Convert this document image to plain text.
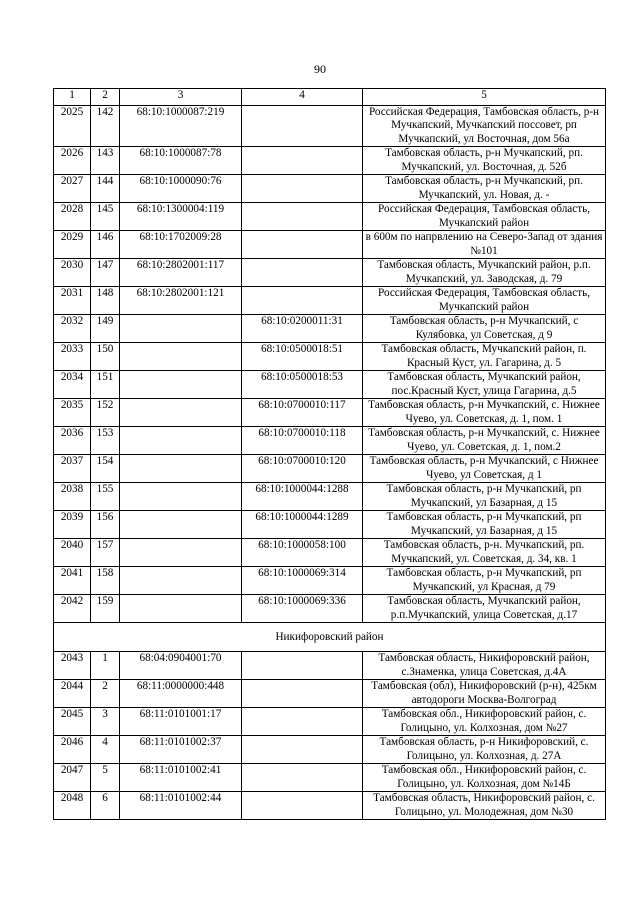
90
1	2	3	4	5
2025	142	68:10:1000087:219		Российская Федерация, Тамбовская область, р-н Мучкапский, Мучкапский поссовет, рп Мучкапский, ул Восточная, дом 56а
2026	143	68:10:1000087:78		Тамбовская область, р-н Мучкапский, рп. Мучкапский, ул. Восточная, д. 52б
2027	144	68:10:1000090:76		Тамбовская область, р-н Мучкапский, рп. Мучкапский, ул. Новая, д. -
2028	145	68:10:1300004:119		Российская Федерация, Тамбовская область, Мучкапский район
2029	146	68:10:1702009:28		в 600м по напрвлению на Северо-Запад от здания №101
2030	147	68:10:2802001:117		Тамбовская область, Мучкапский район, р.п. Мучкапский, ул. Заводская, д. 79
2031	148	68:10:2802001:121		Российская Федерация, Тамбовская область, Мучкапский район
2032	149		68:10:0200011:31	Тамбовская область, р-н Мучкапский, с Кулябовка, ул Советская, д 9
2033	150		68:10:0500018:51	Тамбовская область, Мучкапский район, п. Красный Куст, ул. Гагарина, д. 5
2034	151		68:10:0500018:53	Тамбовская область, Мучкапский район, пос.Красный Куст, улица Гагарина, д.5
2035	152		68:10:0700010:117	Тамбовская область, р-н Мучкапский, с. Нижнее Чуево, ул. Советская, д. 1, пом. 1
2036	153		68:10:0700010:118	Тамбовская область, р-н Мучкапский, с. Нижнее Чуево, ул. Советская, д. 1, пом.2
2037	154		68:10:0700010:120	Тамбовская область, р-н Мучкапский, с Нижнее Чуево, ул Советская, д 1
2038	155		68:10:1000044:1288	Тамбовская область, р-н Мучкапский, рп Мучкапский, ул Базарная, д 15
2039	156		68:10:1000044:1289	Тамбовская область, р-н Мучкапский, рп Мучкапский, ул Базарная, д 15
2040	157		68:10:1000058:100	Тамбовская область, р-н. Мучкапский, рп. Мучкапский, ул. Советская, д. 34, кв. 1
2041	158		68:10:1000069:314	Тамбовская область, р-н Мучкапский, рп Мучкапский, ул Красная, д 79
2042	159		68:10:1000069:336	Тамбовская область, Мучкапский район, р.п.Мучкапский, улица Советская, д.17
Никифоровский район				
2043	1	68:04:0904001:70		Тамбовская область, Никифоровский район, с.Знаменка, улица Советская, д.4А
2044	2	68:11:0000000:448		Тамбовская (обл), Никифоровский (р-н), 425км автодороги Москва-Волгоград
2045	3	68:11:0101001:17		Тамбовская обл., Никифоровский район, с. Голицыно, ул. Колхозная, дом №27
2046	4	68:11:0101002:37		Тамбовская область, р-н Никифоровский, с. Голицыно, ул. Колхозная, д. 27А
2047	5	68:11:0101002:41		Тамбовская обл., Никифоровский район, с. Голицыно, ул. Колхозная, дом №14Б
2048	6	68:11:0101002:44		Тамбовская область, Никифоровский район, с. Голицыно, ул. Молодежная, дом №30
